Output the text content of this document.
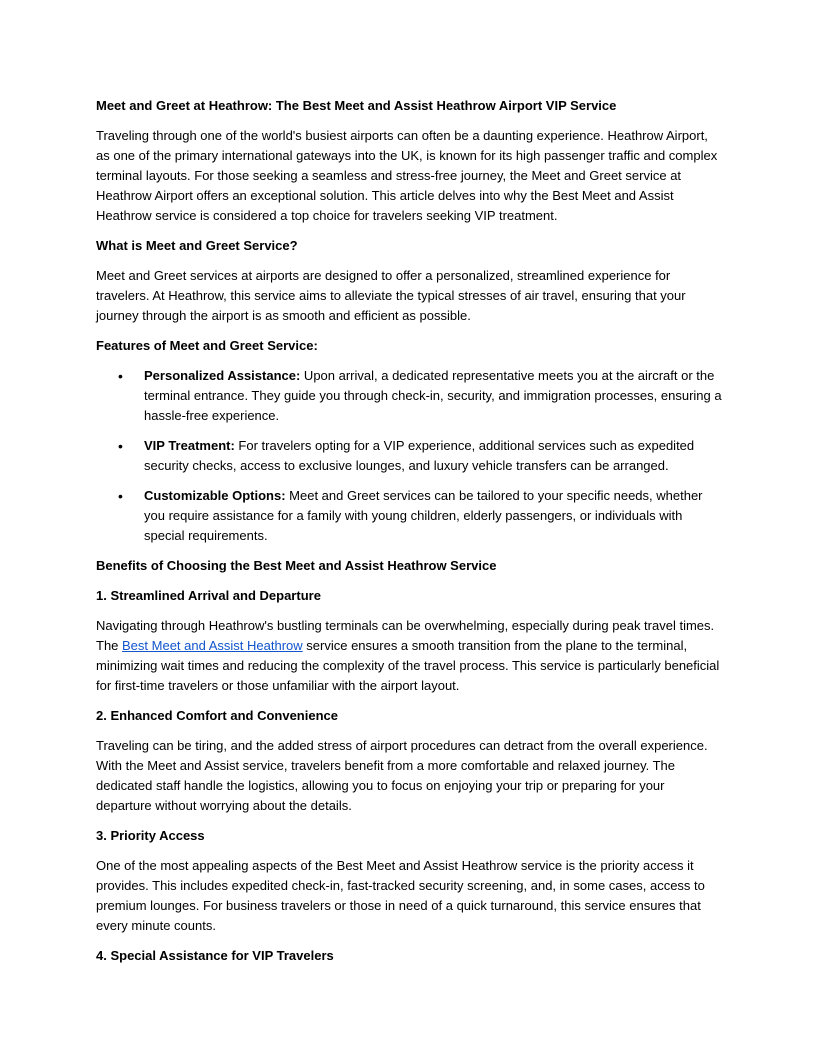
Meet and Greet at Heathrow: The Best Meet and Assist Heathrow Airport VIP Service

Traveling through one of the world's busiest airports can often be a daunting experience. Heathrow Airport, as one of the primary international gateways into the UK, is known for its high passenger traffic and complex terminal layouts. For those seeking a seamless and stress-free journey, the Meet and Greet service at Heathrow Airport offers an exceptional solution. This article delves into why the Best Meet and Assist Heathrow service is considered a top choice for travelers seeking VIP treatment.

What is Meet and Greet Service?

Meet and Greet services at airports are designed to offer a personalized, streamlined experience for travelers. At Heathrow, this service aims to alleviate the typical stresses of air travel, ensuring that your journey through the airport is as smooth and efficient as possible.

Features of Meet and Greet Service:
• Personalized Assistance: Upon arrival, a dedicated representative meets you at the aircraft or the terminal entrance. They guide you through check-in, security, and immigration processes, ensuring a hassle-free experience.
• VIP Treatment: For travelers opting for a VIP experience, additional services such as expedited security checks, access to exclusive lounges, and luxury vehicle transfers can be arranged.
• Customizable Options: Meet and Greet services can be tailored to your specific needs, whether you require assistance for a family with young children, elderly passengers, or individuals with special requirements.
Benefits of Choosing the Best Meet and Assist Heathrow Service
1. Streamlined Arrival and Departure

Navigating through Heathrow's bustling terminals can be overwhelming, especially during peak travel times. The Best Meet and Assist Heathrow service ensures a smooth transition from the plane to the terminal, minimizing wait times and reducing the complexity of the travel process. This service is particularly beneficial for first-time travelers or those unfamiliar with the airport layout.

2. Enhanced Comfort and Convenience

Traveling can be tiring, and the added stress of airport procedures can detract from the overall experience. With the Meet and Assist service, travelers benefit from a more comfortable and relaxed journey. The dedicated staff handle the logistics, allowing you to focus on enjoying your trip or preparing for your departure without worrying about the details.

3. Priority Access

One of the most appealing aspects of the Best Meet and Assist Heathrow service is the priority access it provides. This includes expedited check-in, fast-tracked security screening, and, in some cases, access to premium lounges. For business travelers or those in need of a quick turnaround, this service ensures that every minute counts.

4. Special Assistance for VIP Travelers
